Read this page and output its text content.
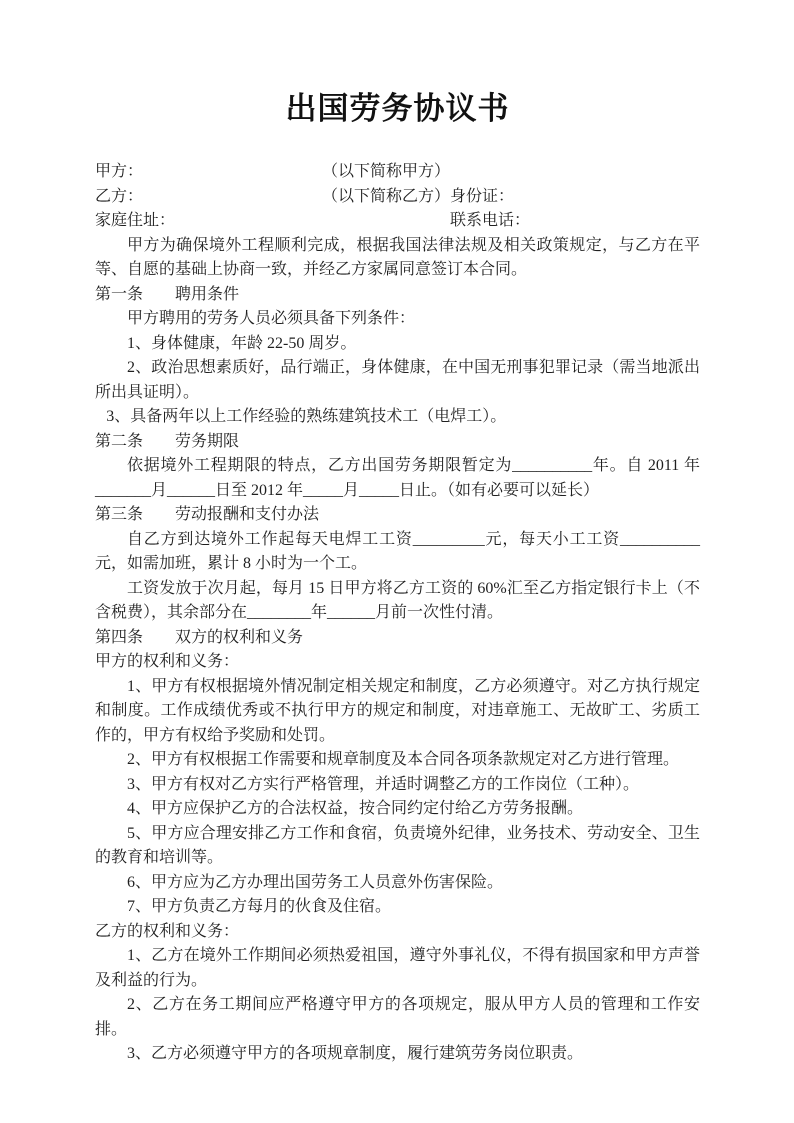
出国劳务协议书
甲方：	（以下简称甲方）
乙方：	（以下简称乙方） 身份证：
家庭住址：	联系电话：

甲方为确保境外工程顺利完成，根据我国法律法规及相关政策规定，与乙方在平等、自愿的基础上协商一致，并经乙方家属同意签订本合同。

第一条 聘用条件

甲方聘用的劳务人员必须具备下列条件：

1、身体健康，年龄 22-50 周岁。

2、政治思想素质好，品行端正，身体健康，在中国无刑事犯罪记录（需当地派出所出具证明）。

3、具备两年以上工作经验的熟练建筑技术工（电焊工）。

第二条 劳务期限

依据境外工程期限的特点，乙方出国劳务期限暂定为__________年。自 2011 年_______月______日至 2012 年_____月_____日止。（如有必要可以延长）

第三条 劳动报酬和支付办法

自乙方到达境外工作起每天电焊工工资_________元，每天小工工资__________元，如需加班，累计 8 小时为一个工。

工资发放于次月起，每月 15 日甲方将乙方工资的 60%汇至乙方指定银行卡上（不含税费），其余部分在________年______月前一次性付清。

第四条 双方的权利和义务

甲方的权利和义务：

1、甲方有权根据境外情况制定相关规定和制度，乙方必须遵守。对乙方执行规定和制度。工作成绩优秀或不执行甲方的规定和制度，对违章施工、无故旷工、劣质工作的，甲方有权给予奖励和处罚。

2、甲方有权根据工作需要和规章制度及本合同各项条款规定对乙方进行管理。

3、甲方有权对乙方实行严格管理，并适时调整乙方的工作岗位（工种）。

4、甲方应保护乙方的合法权益，按合同约定付给乙方劳务报酬。

5、甲方应合理安排乙方工作和食宿，负责境外纪律，业务技术、劳动安全、卫生的教育和培训等。

6、甲方应为乙方办理出国劳务工人员意外伤害保险。

7、甲方负责乙方每月的伙食及住宿。

乙方的权利和义务：

1、乙方在境外工作期间必须热爱祖国，遵守外事礼仪，不得有损国家和甲方声誉及利益的行为。

2、乙方在务工期间应严格遵守甲方的各项规定，服从甲方人员的管理和工作安排。

3、乙方必须遵守甲方的各项规章制度，履行建筑劳务岗位职责。
